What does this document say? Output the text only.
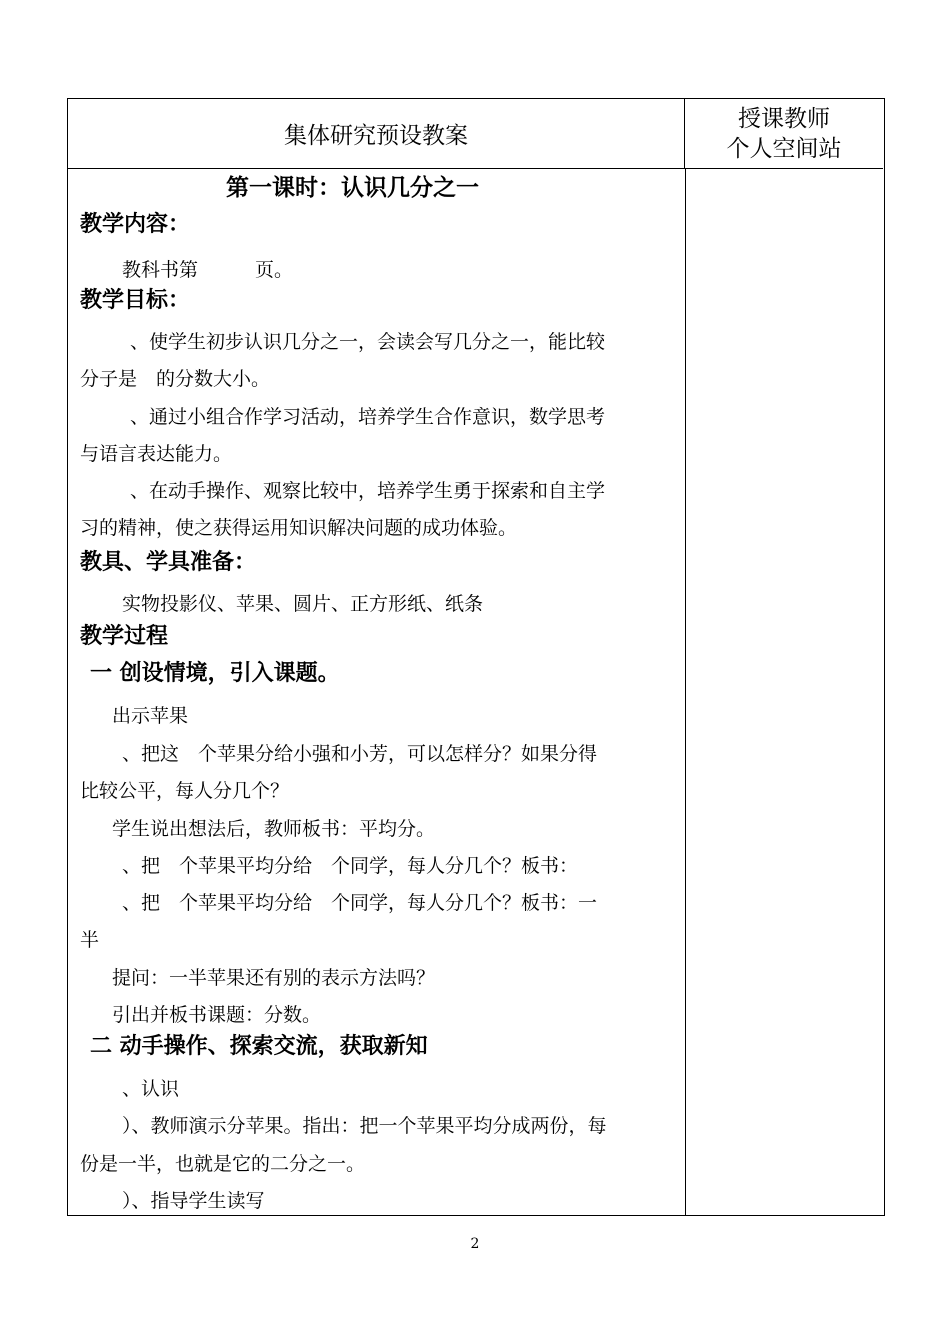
集体研究预设教案
授课教师
个人空间站
第一课时：认识几分之一
教学内容：
教科书第　　　页。
教学目标：
、使学生初步认识几分之一，会读会写几分之一，能比较
分子是　的分数大小。
、通过小组合作学习活动，培养学生合作意识，数学思考
与语言表达能力。
、在动手操作、观察比较中，培养学生勇于探索和自主学
习的精神，使之获得运用知识解决问题的成功体验。
教具、学具准备：
实物投影仪、苹果、圆片、正方形纸、纸条
教学过程
一 创设情境，引入课题。
出示苹果
、把这　个苹果分给小强和小芳，可以怎样分？如果分得
比较公平，每人分几个？
学生说出想法后，教师板书：平均分。
、把　个苹果平均分给　个同学，每人分几个？板书：
、把　个苹果平均分给　个同学，每人分几个？板书：一
半
提问：一半苹果还有别的表示方法吗？
引出并板书课题：分数。
二 动手操作、探索交流，获取新知
、认识
）、教师演示分苹果。指出：把一个苹果平均分成两份，每
份是一半，也就是它的二分之一。
）、指导学生读写
2
